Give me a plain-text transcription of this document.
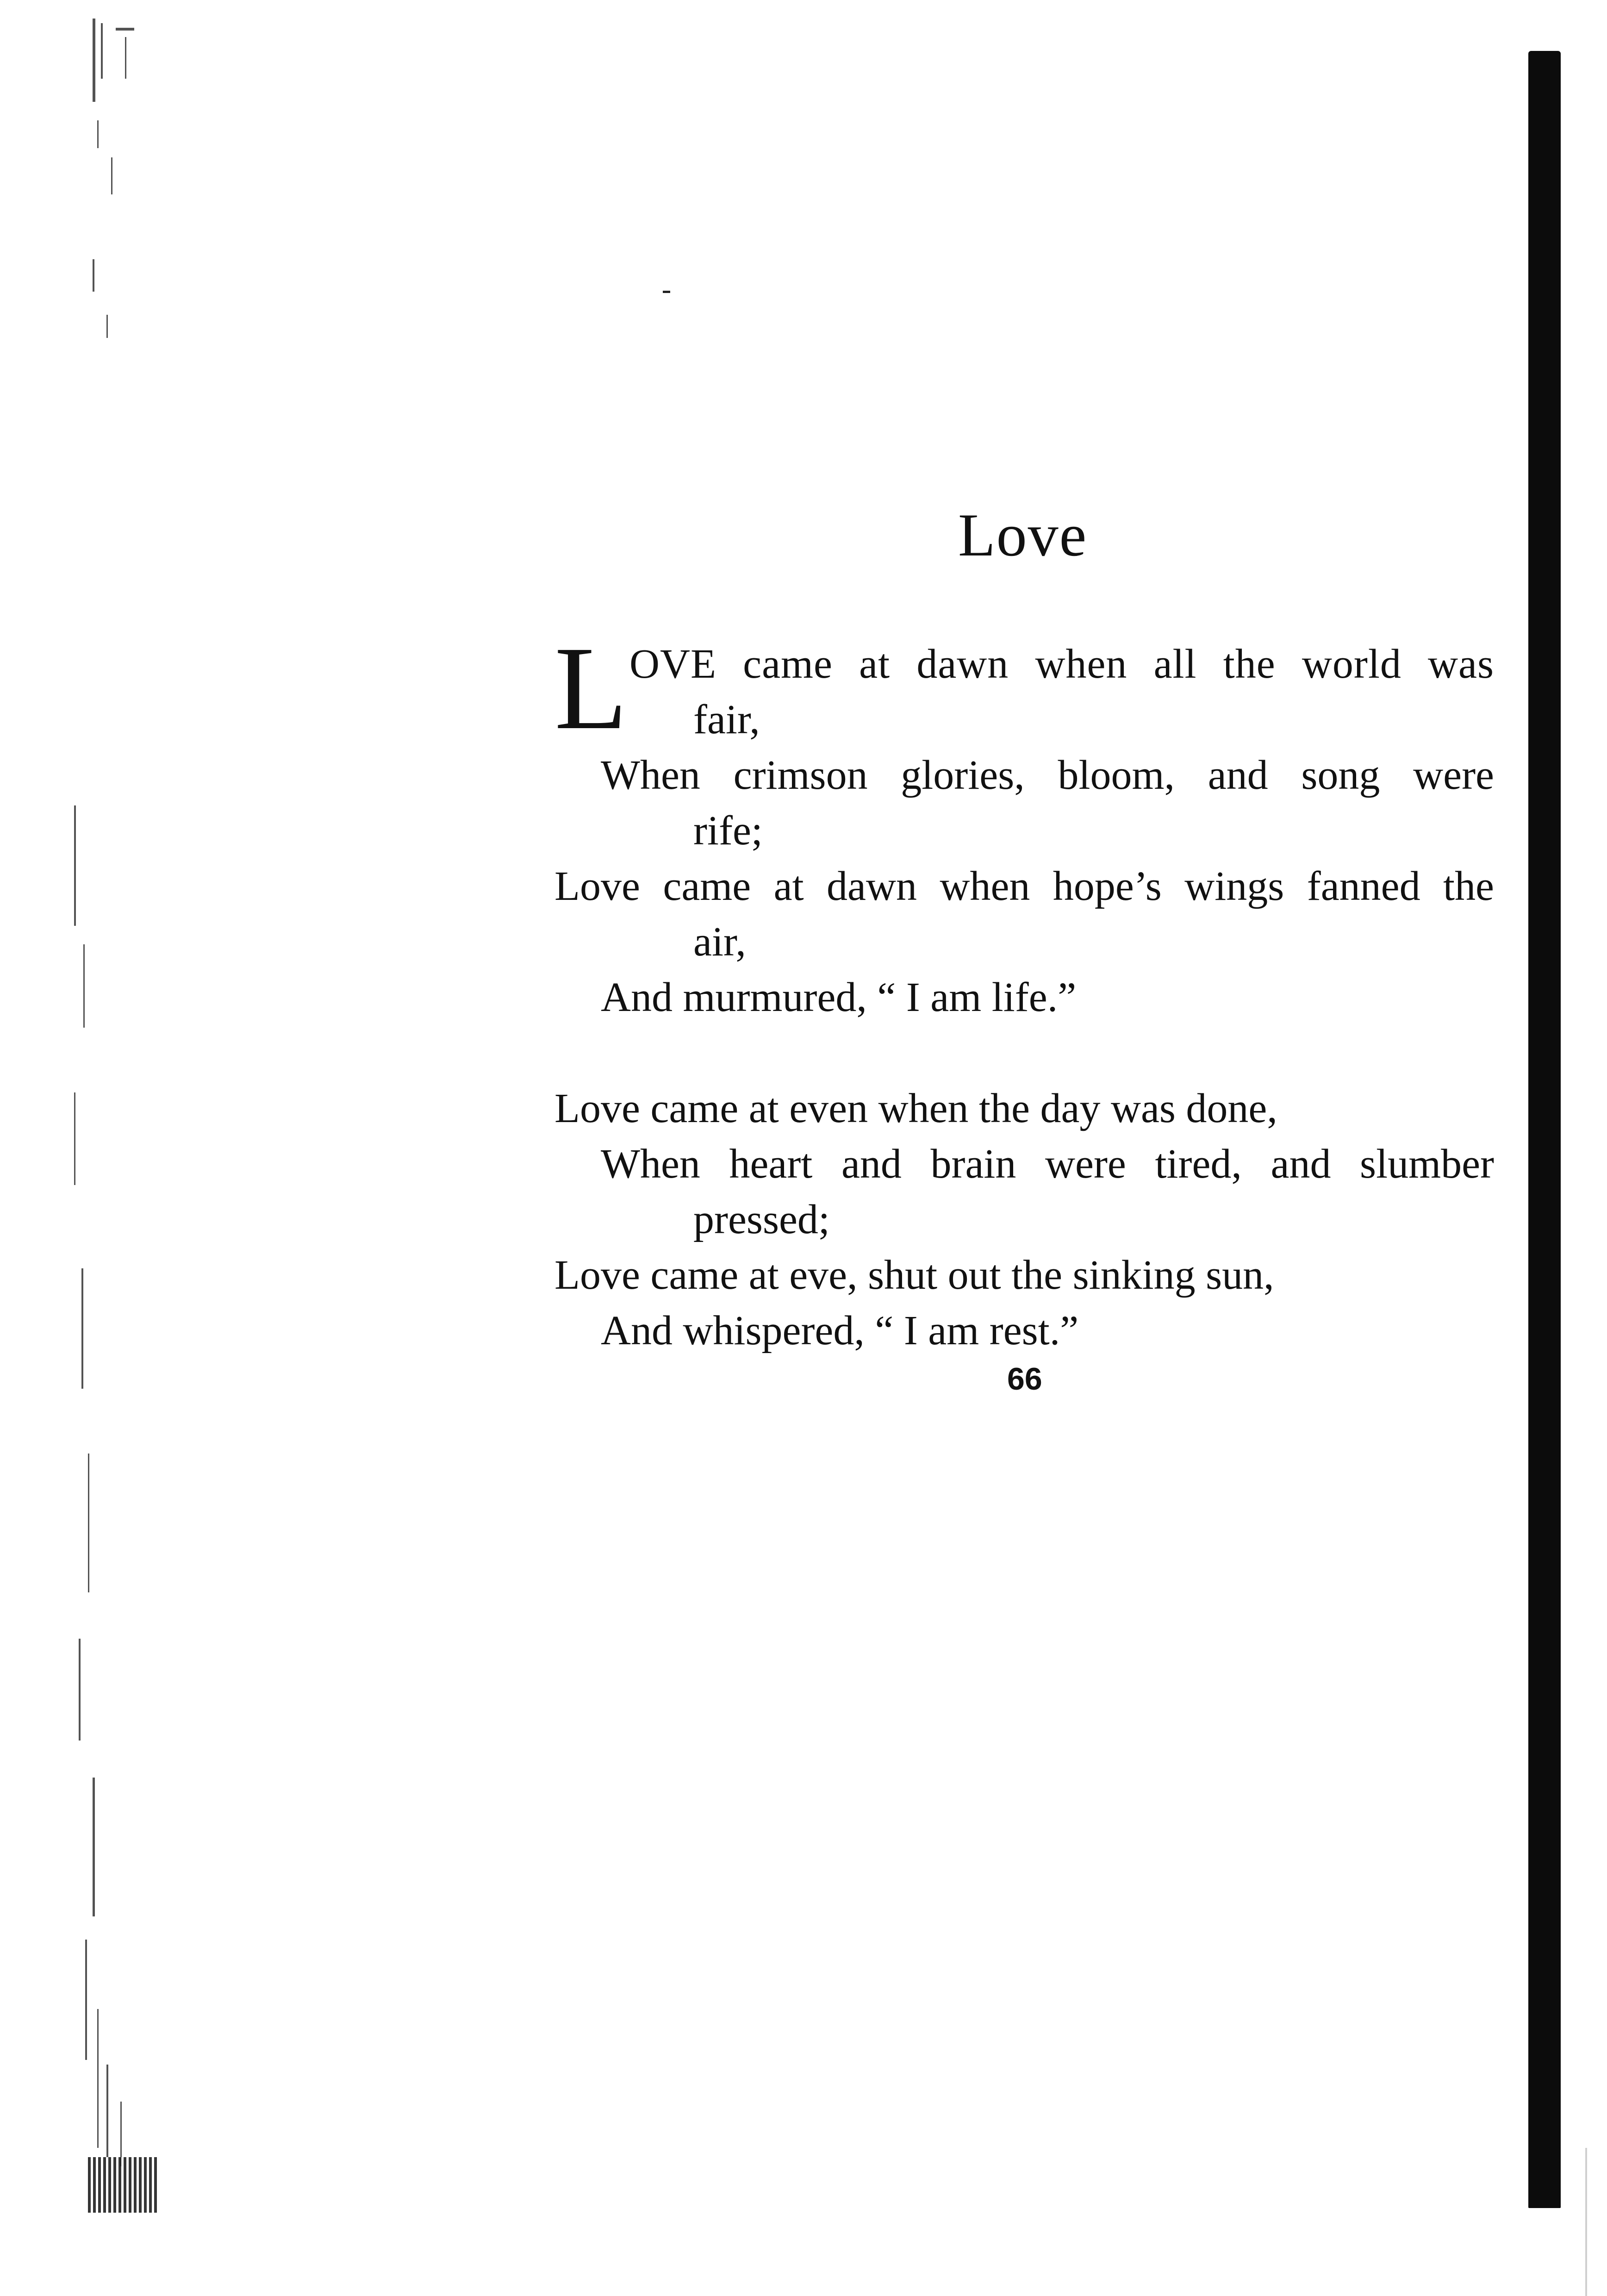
Love
L OVE came at dawn when all the world was
fair,
When crimson glories, bloom, and song were
rife;
Love came at dawn when hope’s wings fanned the
air,
And murmured, “ I am life.”
Love came at even when the day was done,
When heart and brain were tired, and slumber
pressed;
Love came at eve, shut out the sinking sun,
And whispered, “ I am rest.”
66
